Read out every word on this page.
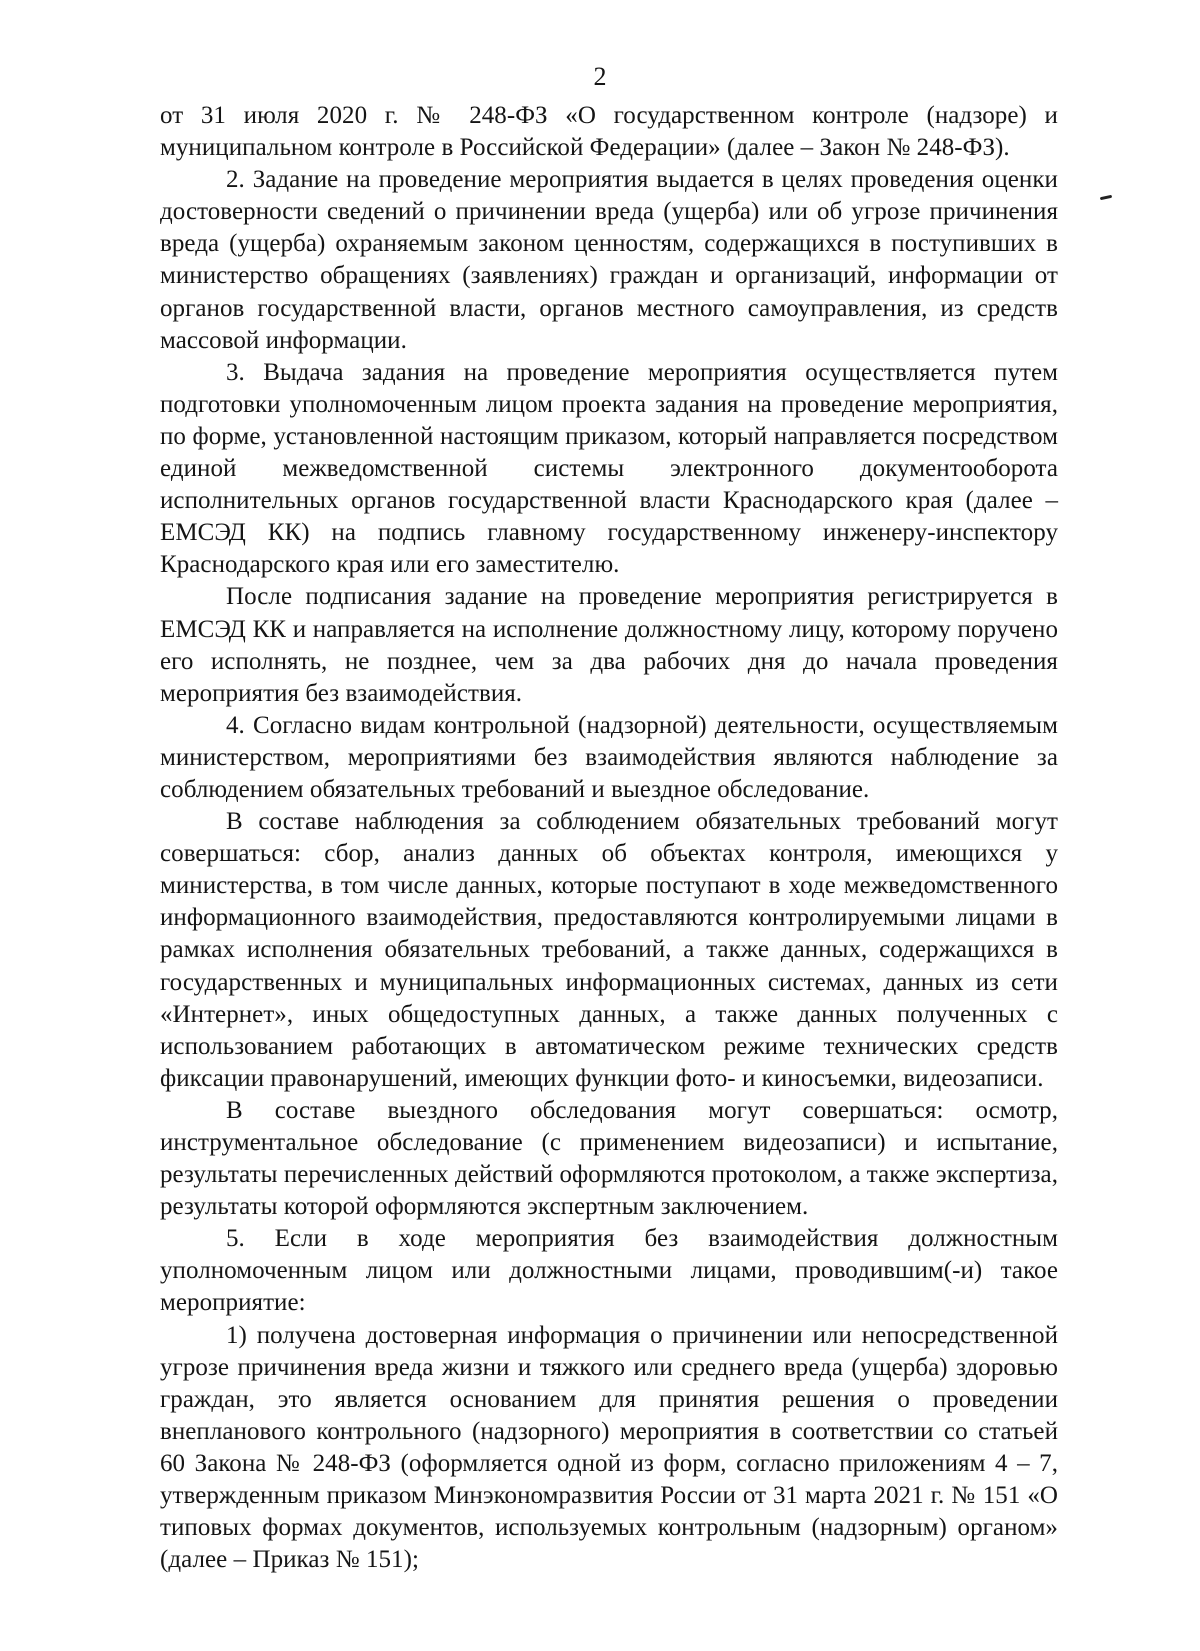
2

от 31 июля 2020 г. № 248-ФЗ «О государственном контроле (надзоре) и муниципальном контроле в Российской Федерации» (далее – Закон № 248-ФЗ).

2. Задание на проведение мероприятия выдается в целях проведения оценки достоверности сведений о причинении вреда (ущерба) или об угрозе причинения вреда (ущерба) охраняемым законом ценностям, содержащихся в поступивших в министерство обращениях (заявлениях) граждан и организаций, информации от органов государственной власти, органов местного самоуправления, из средств массовой информации.

3. Выдача задания на проведение мероприятия осуществляется путем подготовки уполномоченным лицом проекта задания на проведение мероприятия, по форме, установленной настоящим приказом, который направляется посредством единой межведомственной системы электронного документооборота исполнительных органов государственной власти Краснодарского края (далее – ЕМСЭД КК) на подпись главному государственному инженеру-инспектору Краснодарского края или его заместителю.

После подписания задание на проведение мероприятия регистрируется в ЕМСЭД КК и направляется на исполнение должностному лицу, которому поручено его исполнять, не позднее, чем за два рабочих дня до начала проведения мероприятия без взаимодействия.

4. Согласно видам контрольной (надзорной) деятельности, осуществляемым министерством, мероприятиями без взаимодействия являются наблюдение за соблюдением обязательных требований и выездное обследование.

В составе наблюдения за соблюдением обязательных требований могут совершаться: сбор, анализ данных об объектах контроля, имеющихся у министерства, в том числе данных, которые поступают в ходе межведомственного информационного взаимодействия, предоставляются контролируемыми лицами в рамках исполнения обязательных требований, а также данных, содержащихся в государственных и муниципальных информационных системах, данных из сети «Интернет», иных общедоступных данных, а также данных полученных с использованием работающих в автоматическом режиме технических средств фиксации правонарушений, имеющих функции фото- и киносъемки, видеозаписи.

В составе выездного обследования могут совершаться: осмотр, инструментальное обследование (с применением видеозаписи) и испытание, результаты перечисленных действий оформляются протоколом, а также экспертиза, результаты которой оформляются экспертным заключением.

5. Если в ходе мероприятия без взаимодействия должностным уполномоченным лицом или должностными лицами, проводившим(-и) такое мероприятие:

1) получена достоверная информация о причинении или непосредственной угрозе причинения вреда жизни и тяжкого или среднего вреда (ущерба) здоровью граждан, это является основанием для принятия решения о проведении внепланового контрольного (надзорного) мероприятия в соответствии со статьей 60 Закона № 248-ФЗ (оформляется одной из форм, согласно приложениям 4 – 7, утвержденным приказом Минэкономразвития России от 31 марта 2021 г. № 151 «О типовых формах документов, используемых контрольным (надзорным) органом» (далее – Приказ № 151);
